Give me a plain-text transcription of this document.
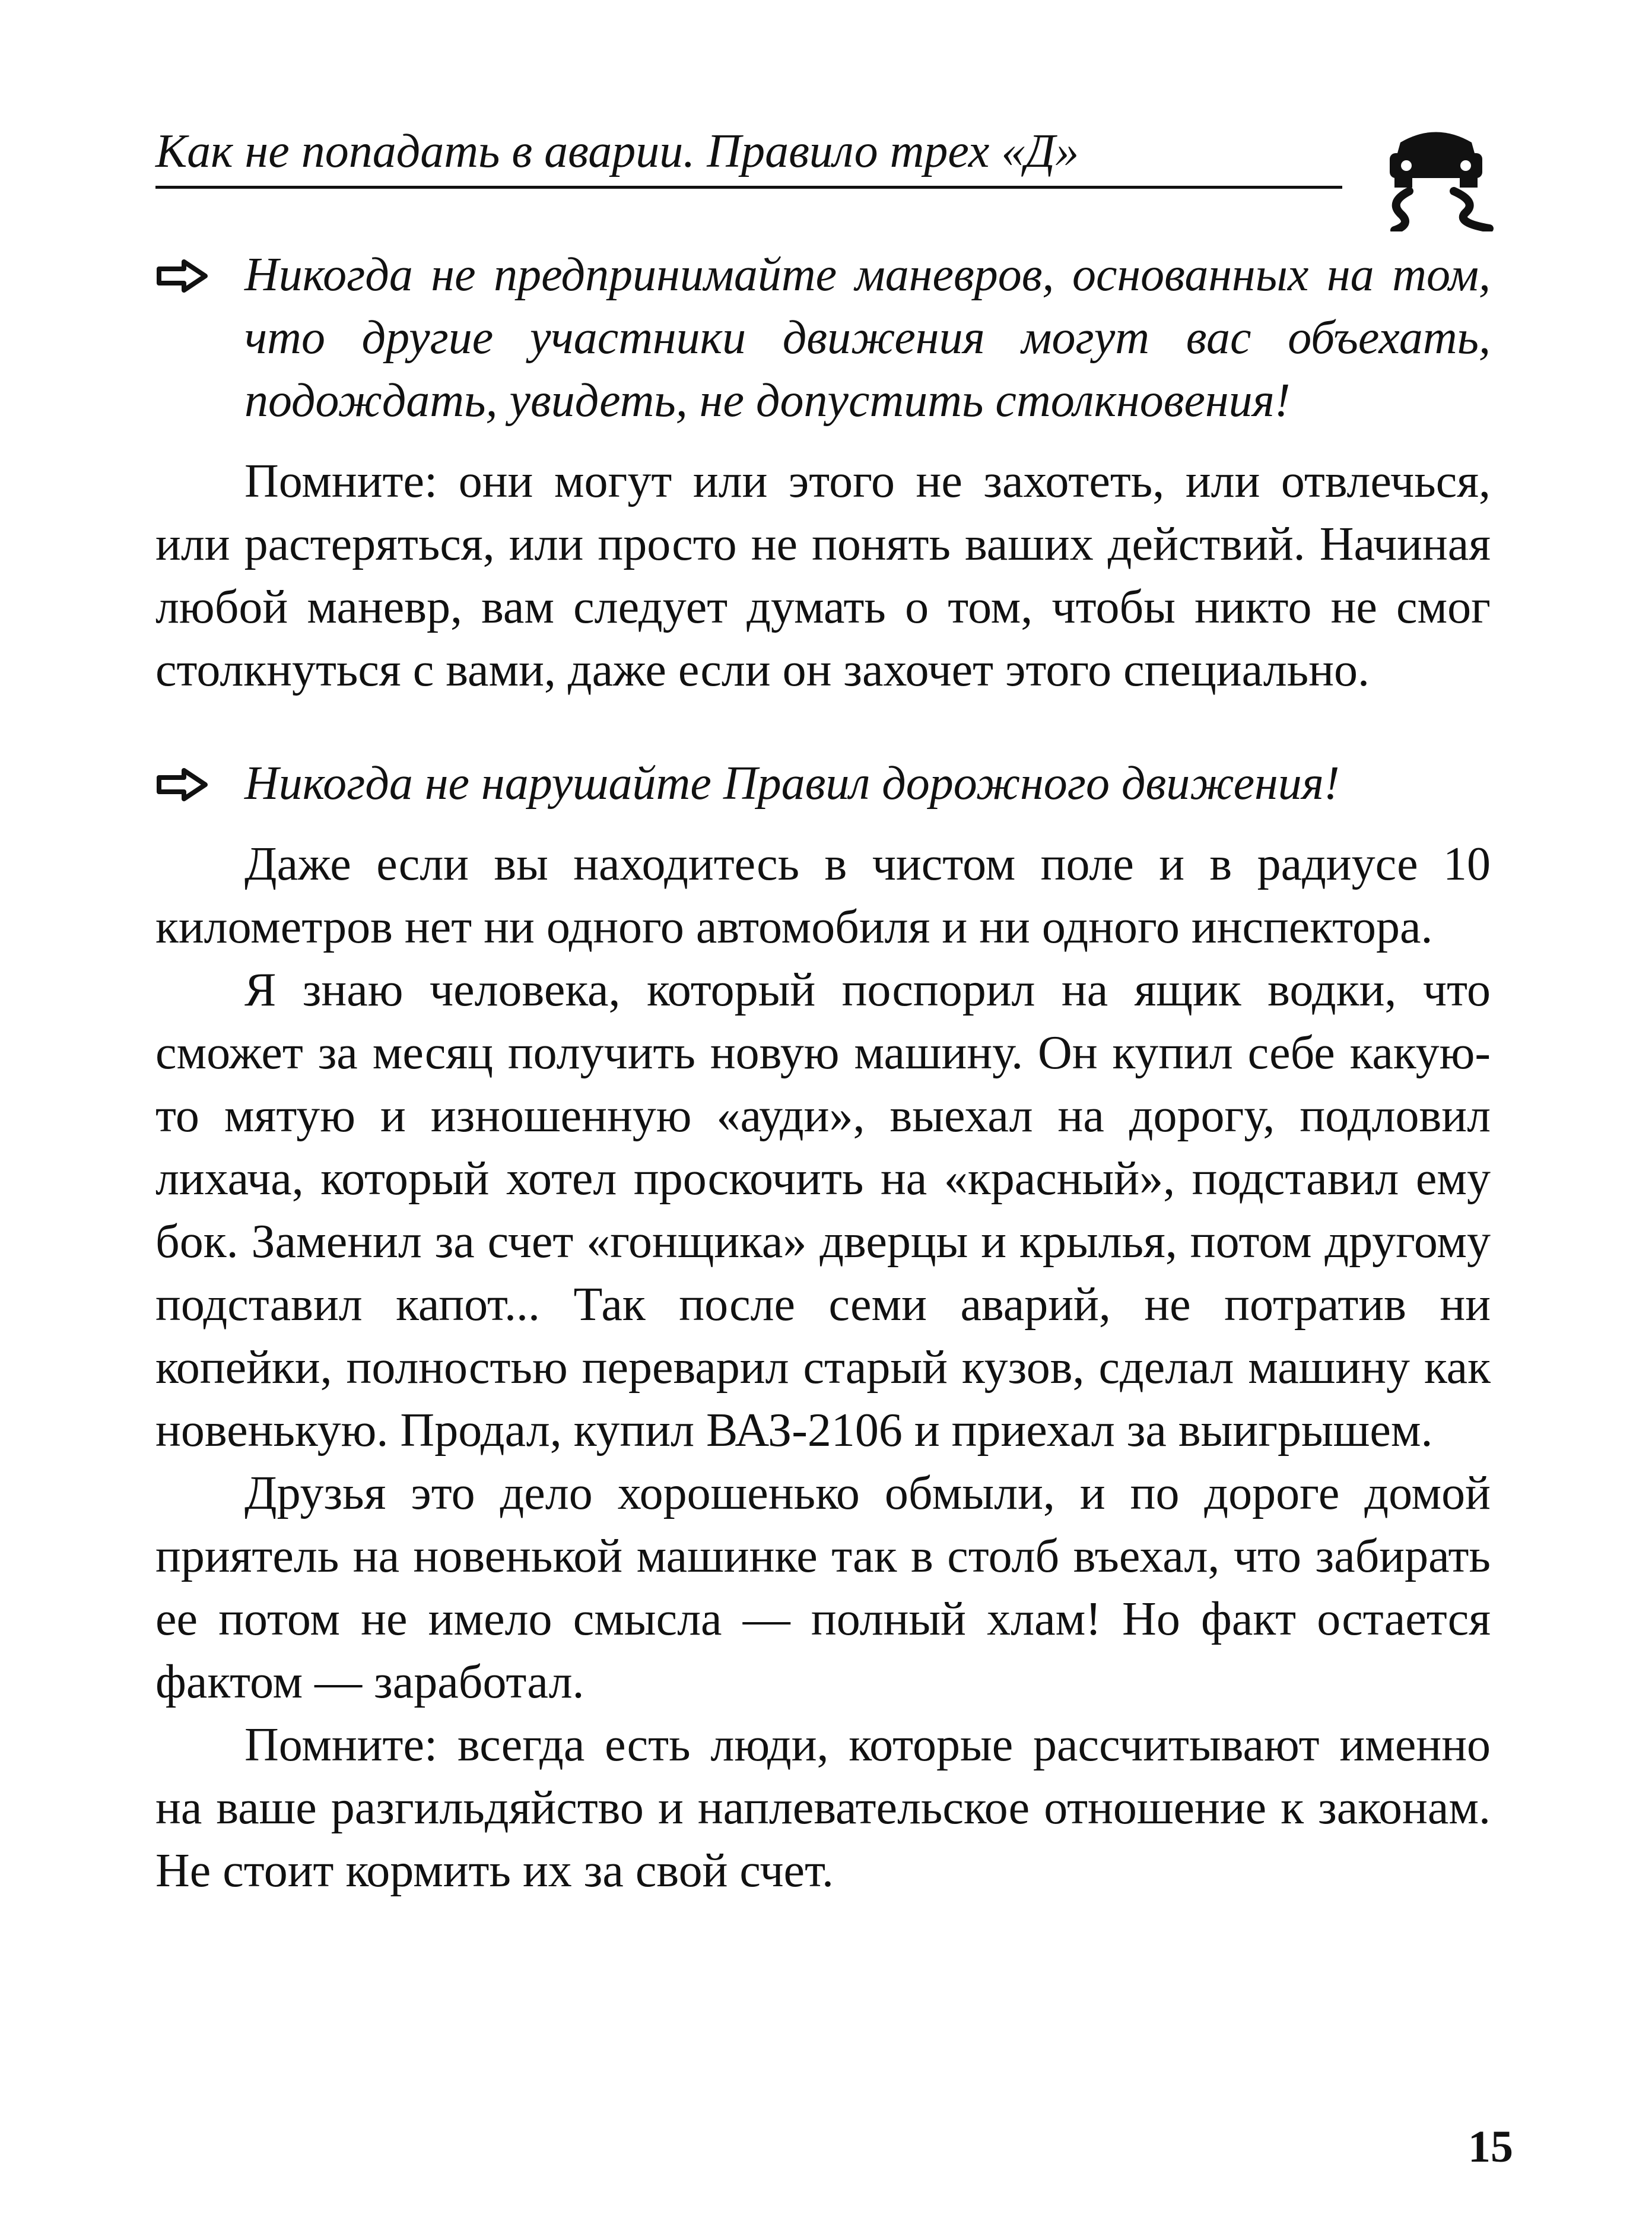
Как не попадать в аварии. Правило трех «Д»
Никогда не предпринимайте маневров, основанных на том, что другие участники движения могут вас объехать, подождать, увидеть, не допустить столкновения!

Помните: они могут или этого не захотеть, или отвлечься, или растеряться, или просто не понять ваших действий. Начиная любой маневр, вам следует думать о том, чтобы никто не смог столкнуться с вами, даже если он захочет этого специально.

Никогда не нарушайте Правил дорожного движения!

Даже если вы находитесь в чистом поле и в радиусе 10 километров нет ни одного автомобиля и ни одного инспектора.

Я знаю человека, который поспорил на ящик водки, что сможет за месяц получить новую машину. Он купил себе какую-то мятую и изношенную «ауди», выехал на дорогу, подловил лихача, который хотел проскочить на «красный», подставил ему бок. Заменил за счет «гонщика» дверцы и крылья, потом другому подставил капот... Так после семи аварий, не потратив ни копейки, полностью переварил старый кузов, сделал машину как новенькую. Продал, купил ВАЗ-2106 и приехал за выигрышем.

Друзья это дело хорошенько обмыли, и по дороге домой приятель на новенькой машинке так в столб въехал, что забирать ее потом не имело смысла — полный хлам! Но факт остается фактом — заработал.

Помните: всегда есть люди, которые рассчитывают именно на ваше разгильдяйство и наплевательское отношение к законам. Не стоит кормить их за свой счет.

15
